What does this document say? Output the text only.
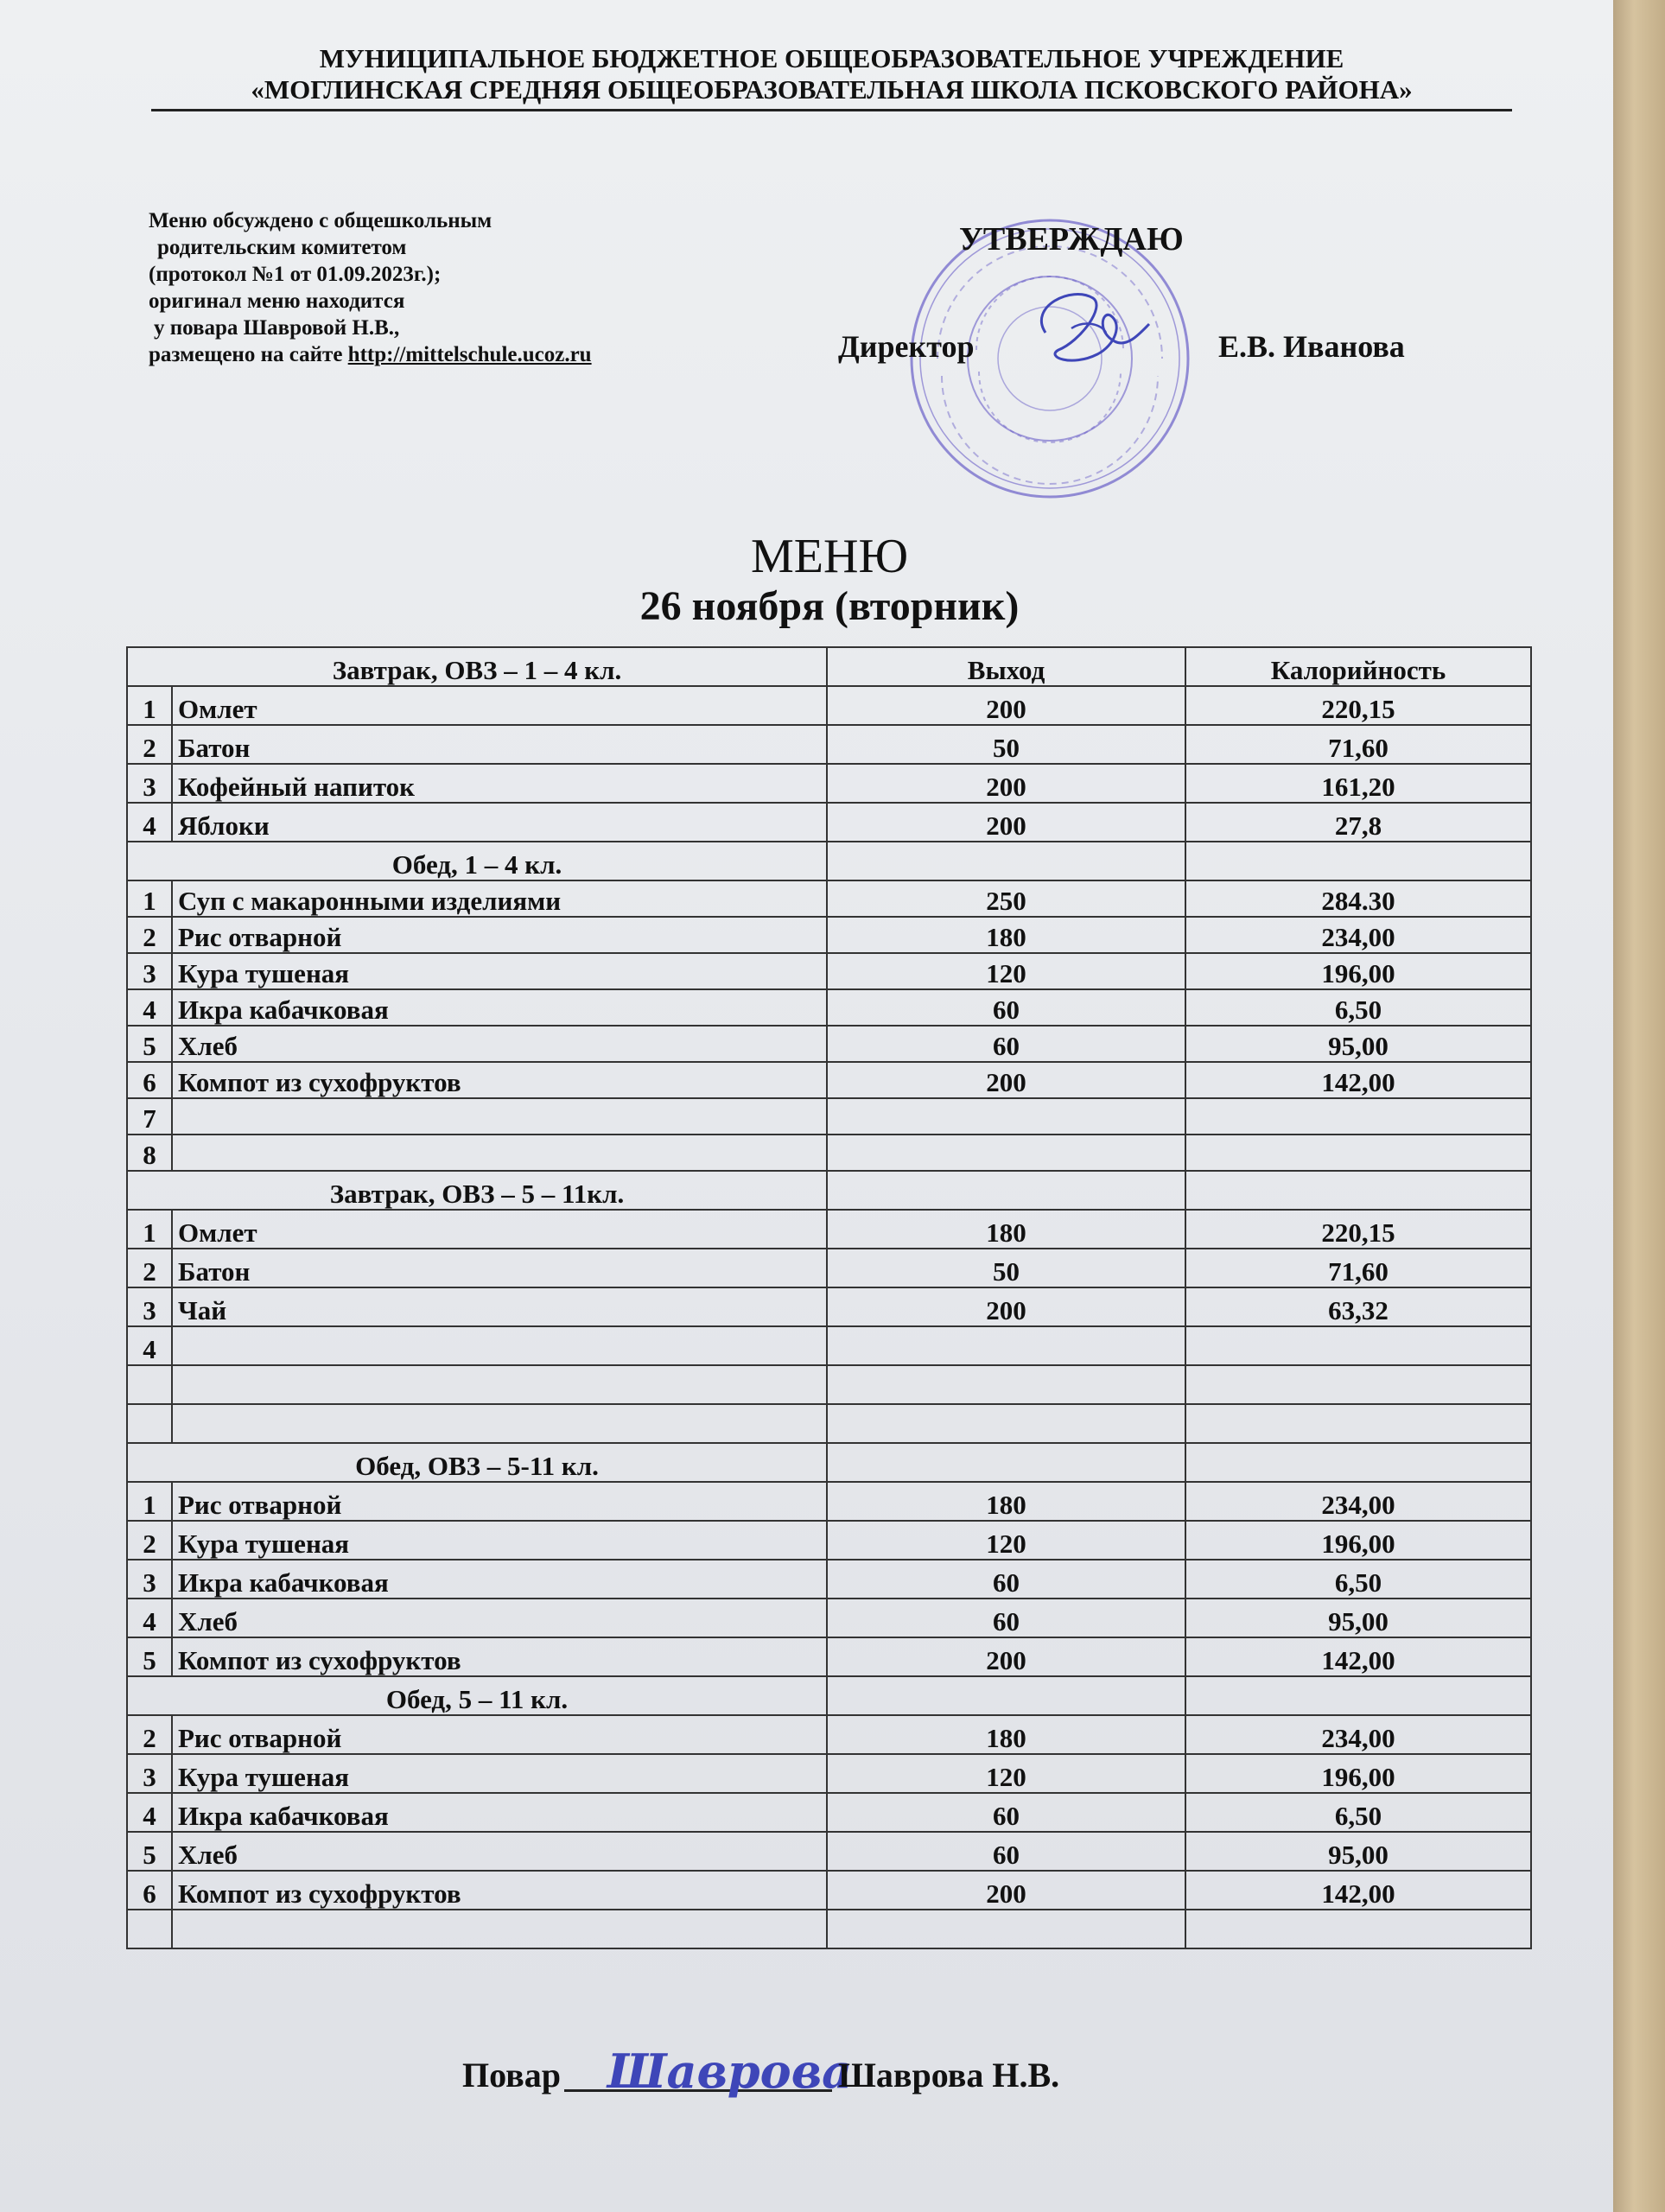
МУНИЦИПАЛЬНОЕ БЮДЖЕТНОЕ ОБЩЕОБРАЗОВАТЕЛЬНОЕ УЧРЕЖДЕНИЕ
«МОГЛИНСКАЯ СРЕДНЯЯ ОБЩЕОБРАЗОВАТЕЛЬНАЯ ШКОЛА ПСКОВСКОГО РАЙОНА»
Меню обсуждено с общешкольным
родительским комитетом
(протокол №1 от 01.09.2023г.);
оригинал меню находится
у повара Шавровой Н.В.,
размещено на сайте http://mittelschule.ucoz.ru
УТВЕРЖДАЮ
Директор	Е.В. Иванова
МЕНЮ
26 ноября (вторник)
Завтрак, ОВЗ – 1 – 4 кл.		Выход	Калорийность
1	Омлет	200	220,15
2	Батон	50	71,60
3	Кофейный напиток	200	161,20
4	Яблоки	200	27,8
Обед, 1 – 4 кл.			
1	Суп с макаронными изделиями	250	284.30
2	Рис отварной	180	234,00
3	Кура тушеная	120	196,00
4	Икра кабачковая	60	6,50
5	Хлеб	60	95,00
6	Компот из сухофруктов	200	142,00
7			
8			
Завтрак, ОВЗ – 5 – 11кл.			
1	Омлет	180	220,15
2	Батон	50	71,60
3	Чай	200	63,32
4			

Обед, ОВЗ – 5-11 кл.			
1	Рис отварной	180	234,00
2	Кура тушеная	120	196,00
3	Икра кабачковая	60	6,50
4	Хлеб	60	95,00
5	Компот из сухофруктов	200	142,00
Обед, 5 – 11 кл.			
2	Рис отварной	180	234,00
3	Кура тушеная	120	196,00
4	Икра кабачковая	60	6,50
5	Хлеб	60	95,00
6	Компот из сухофруктов	200	142,00

Повар Шаврова
Шаврова Н.В.
